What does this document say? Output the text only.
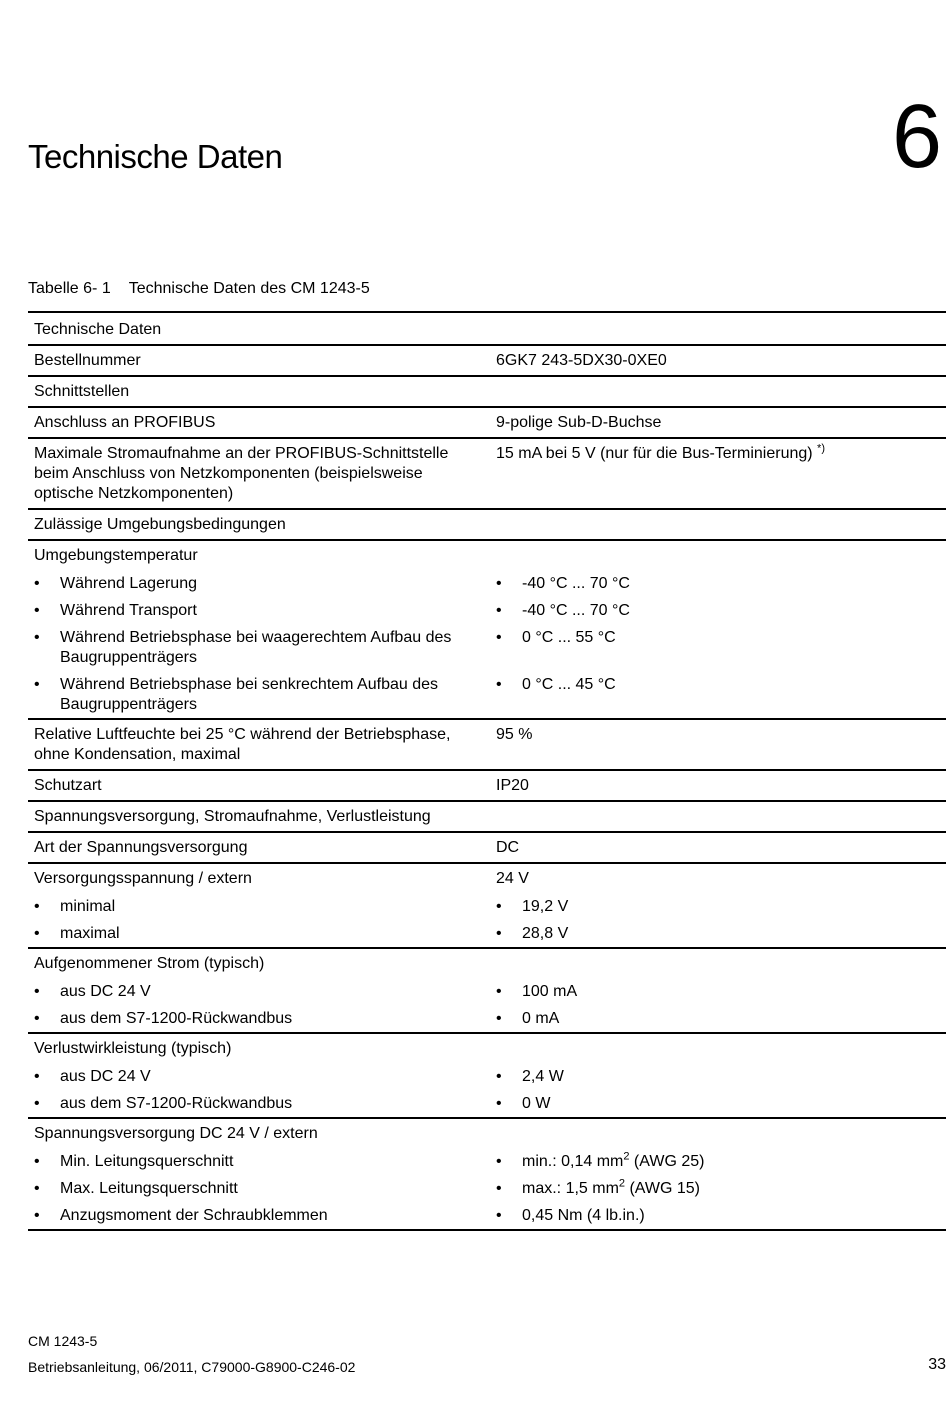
Technische Daten	6
Tabelle 6- 1 Technische Daten des CM 1243-5
Technische Daten	
Bestellnummer	6GK7 243-5DX30-0XE0
Schnittstellen	
Anschluss an PROFIBUS	9-polige Sub-D-Buchse
Maximale Stromaufnahme an der PROFIBUS-Schnittstelle beim Anschluss von Netzkomponenten (beispielsweise optische Netzkomponenten)	15 mA bei 5 V (nur für die Bus-Terminierung) *)
Zulässige Umgebungsbedingungen	
Umgebungstemperatur	

• Während Lagerung	• -40 °C ... 70 °C

• Während Transport	• -40 °C ... 70 °C

• Während Betriebsphase bei waagerechtem Aufbau des Baugruppenträgers	• 0 °C ... 55 °C

• Während Betriebsphase bei senkrechtem Aufbau des Baugruppenträgers	• 0 °C ... 45 °C

Relative Luftfeuchte bei 25 °C während der Betriebsphase, ohne Kondensation, maximal	95 %
Schutzart	IP20
Spannungsversorgung, Stromaufnahme, Verlustleistung	
Art der Spannungsversorgung	DC
Versorgungsspannung / extern	24 V

• minimal	• 19,2 V

• maximal	• 28,8 V

Aufgenommener Strom (typisch)	

• aus DC 24 V	• 100 mA

• aus dem S7-1200-Rückwandbus	• 0 mA

Verlustwirkleistung (typisch)	

• aus DC 24 V	• 2,4 W

• aus dem S7-1200-Rückwandbus	• 0 W

Spannungsversorgung DC 24 V / extern	

• Min. Leitungsquerschnitt	• min.: 0,14 $mm^2$ (AWG 25)

• Max. Leitungsquerschnitt	• max.: 1,5 $mm^2$ (AWG 15)

• Anzugsmoment der Schraubklemmen	• 0,45 Nm (4 lb.in.)
CM 1243-5
Betriebsanleitung, 06/2011, C79000-G8900-C246-02	33
